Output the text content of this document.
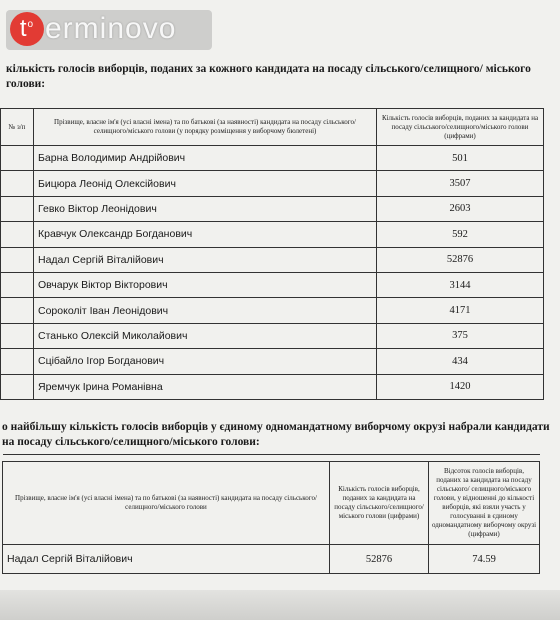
$t^o$ erminovo
кількість голосів виборців, поданих за кожного кандидата на посаду сільського/селищного/ міського голови:
№ з/п	Прізвище, власне ім'я (усі власні імена) та по батькові (за наявності) кандидата на посаду сільського/селищного/міського голови (у порядку розміщення у виборчому бюлетені)	Кількість голосів виборців, поданих за кандидата на посаду сільського/селищного/міського голови (цифрами)
	Барна Володимир Андрійович	501
	Бицюра Леонід Олексійович	3507
	Гевко Віктор Леонідович	2603
	Кравчук Олександр Богданович	592
	Надал Сергій Віталійович	52876
	Овчарук Віктор Вікторович	3144
	Сороколіт Іван Леонідович	4171
	Станько Олексій Миколайович	375
	Сцібайло Ігор Богданович	434
	Яремчук Ірина Романівна	1420
о найбільшу кількість голосів виборців у єдиному одномандатному виборчому окрузі набрали кандидати на посаду сільського/селищного/міського голови:

Прізвище, власне ім'я (усі власні імена) та по батькові (за наявності) кандидата на посаду сільського/селищного/міського голови	Кількість голосів виборців, поданих за кандидата на посаду сільського/селищного/ міського голови (цифрами)	Відсоток голосів виборців, поданих за кандидата на посаду сільського/ селищного/міського голови, у відношенні до кількості виборців, які взяли участь у голосуванні в єдиному одномандатному виборчому окрузі (цифрами)
Надал Сергій Віталійович	52876	74.59
